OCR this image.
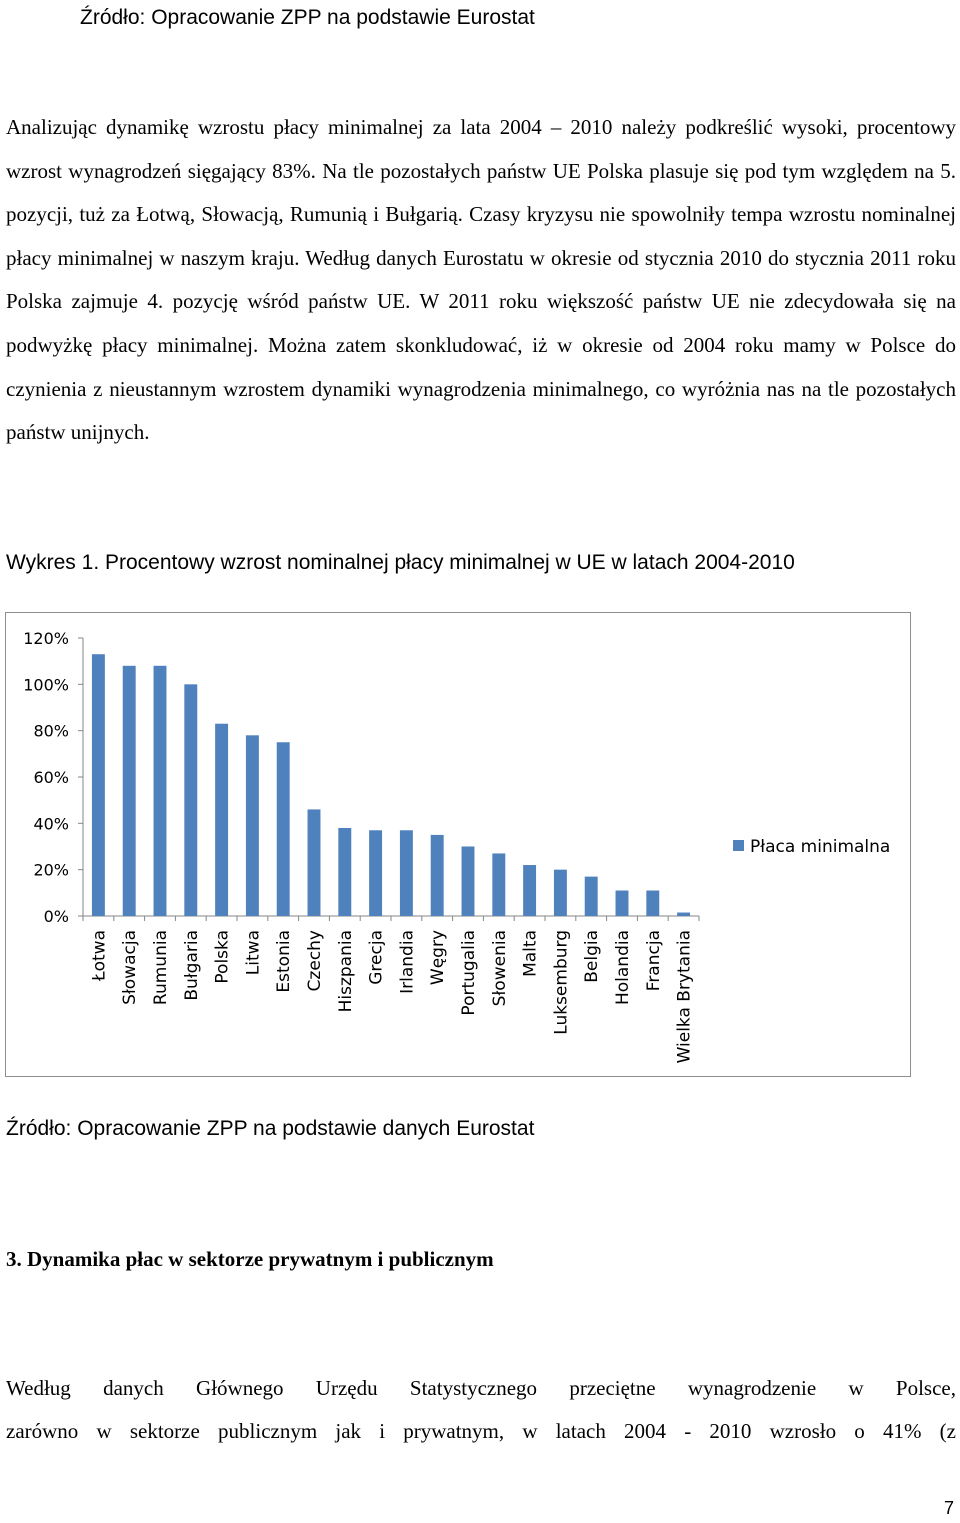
Źródło: Opracowanie ZPP na podstawie Eurostat

Analizując dynamikę wzrostu płacy minimalnej za lata 2004 – 2010 należy podkreślić wysoki, procentowy wzrost wynagrodzeń sięgający 83%. Na tle pozostałych państw UE Polska plasuje się pod tym względem na 5. pozycji, tuż za Łotwą, Słowacją, Rumunią i Bułgarią. Czasy kryzysu nie spowolniły tempa wzrostu nominalnej płacy minimalnej w naszym kraju. Według danych Eurostatu w okresie od stycznia 2010 do stycznia 2011 roku Polska zajmuje 4. pozycję wśród państw UE. W 2011 roku większość państw UE nie zdecydowała się na podwyżkę płacy minimalnej. Można zatem skonkludować, iż w okresie od 2004 roku mamy w Polsce do czynienia z nieustannym wzrostem dynamiki wynagrodzenia minimalnego, co wyróżnia nas na tle pozostałych państw unijnych.

Wykres 1. Procentowy wzrost nominalnej płacy minimalnej w UE w latach 2004-2010
0%
20%
40%
60%
80%
100%
120%
Łotwa Słowacja Rumunia Bułgaria Polska Litwa Estonia Czechy Hiszpania Grecja Irlandia Węgry Portugalia Słowenia Malta Luksemburg Belgia Holandia Francja Wielka Brytania
Płaca minimalna
Źródło: Opracowanie ZPP na podstawie danych Eurostat
3. Dynamika płac w sektorze prywatnym i publicznym

Według danych Głównego Urzędu Statystycznego przeciętne wynagrodzenie w Polsce,

zarówno w sektorze publicznym jak i prywatnym, w latach 2004 - 2010 wzrosło o 41% (z

7
